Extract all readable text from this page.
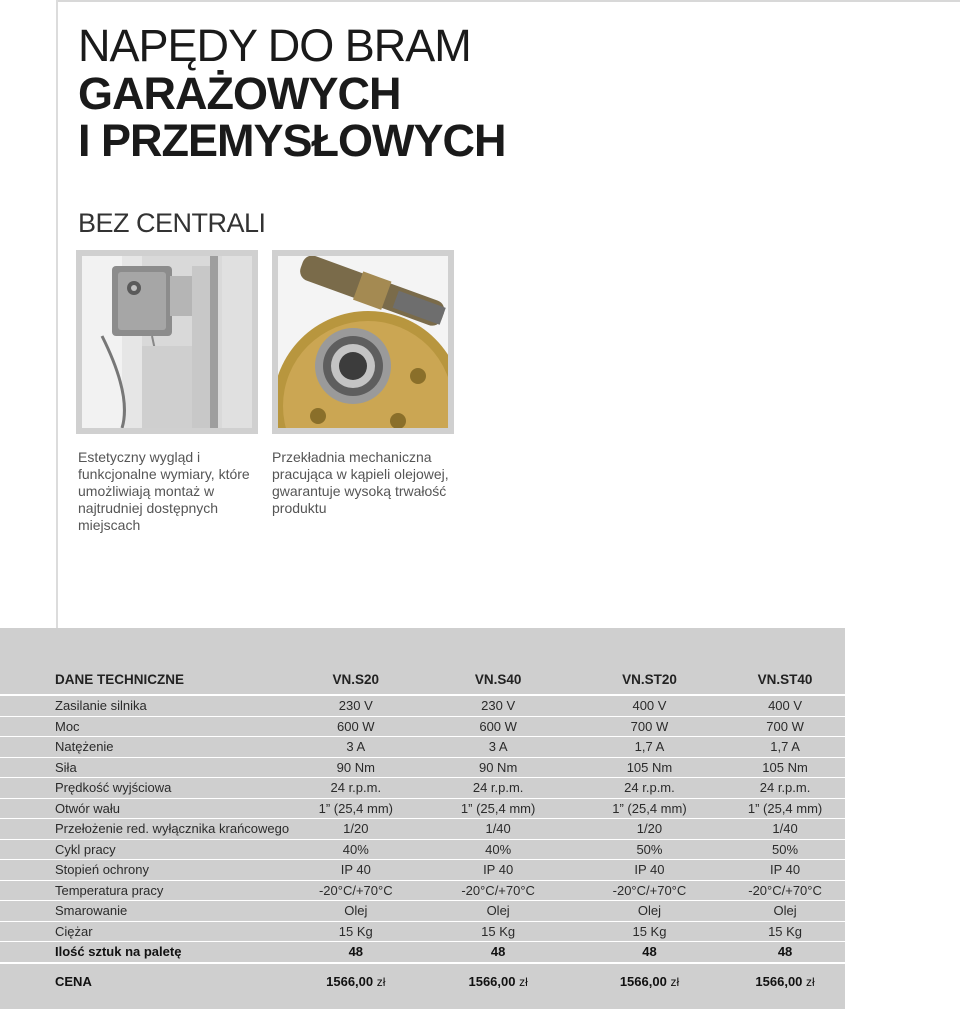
NAPĘDY DO BRAM
GARAŻOWYCH
I PRZEMYSŁOWYCH
BEZ CENTRALI
Estetyczny wygląd i funkcjonalne wymiary, które umożliwiają montaż w najtrudniej dostępnych miejscach
Przekładnia mechaniczna pracująca w kąpieli olejowej, gwarantuje wysoką trwałość produktu
DANE TECHNICZNE	VN.S20	VN.S40	VN.ST20	VN.ST40
Zasilanie silnika	230 V	230 V	400 V	400 V
Moc	600 W	600 W	700 W	700 W
Natężenie	3 A	3 A	1,7 A	1,7 A
Siła	90 Nm	90 Nm	105 Nm	105 Nm
Prędkość wyjściowa	24 r.p.m.	24 r.p.m.	24 r.p.m.	24 r.p.m.
Otwór wału	1” (25,4 mm)	1” (25,4 mm)	1” (25,4 mm)	1” (25,4 mm)
Przełożenie red. wyłącznika krańcowego	1/20	1/40	1/20	1/40
Cykl pracy	40%	40%	50%	50%
Stopień ochrony	IP 40	IP 40	IP 40	IP 40
Temperatura pracy	-20°C/+70°C	-20°C/+70°C	-20°C/+70°C	-20°C/+70°C
Smarowanie	Olej	Olej	Olej	Olej
Ciężar	15 Kg	15 Kg	15 Kg	15 Kg
Ilość sztuk na paletę	48	48	48	48
CENA	1566,00 zł	1566,00 zł	1566,00 zł	1566,00 zł
